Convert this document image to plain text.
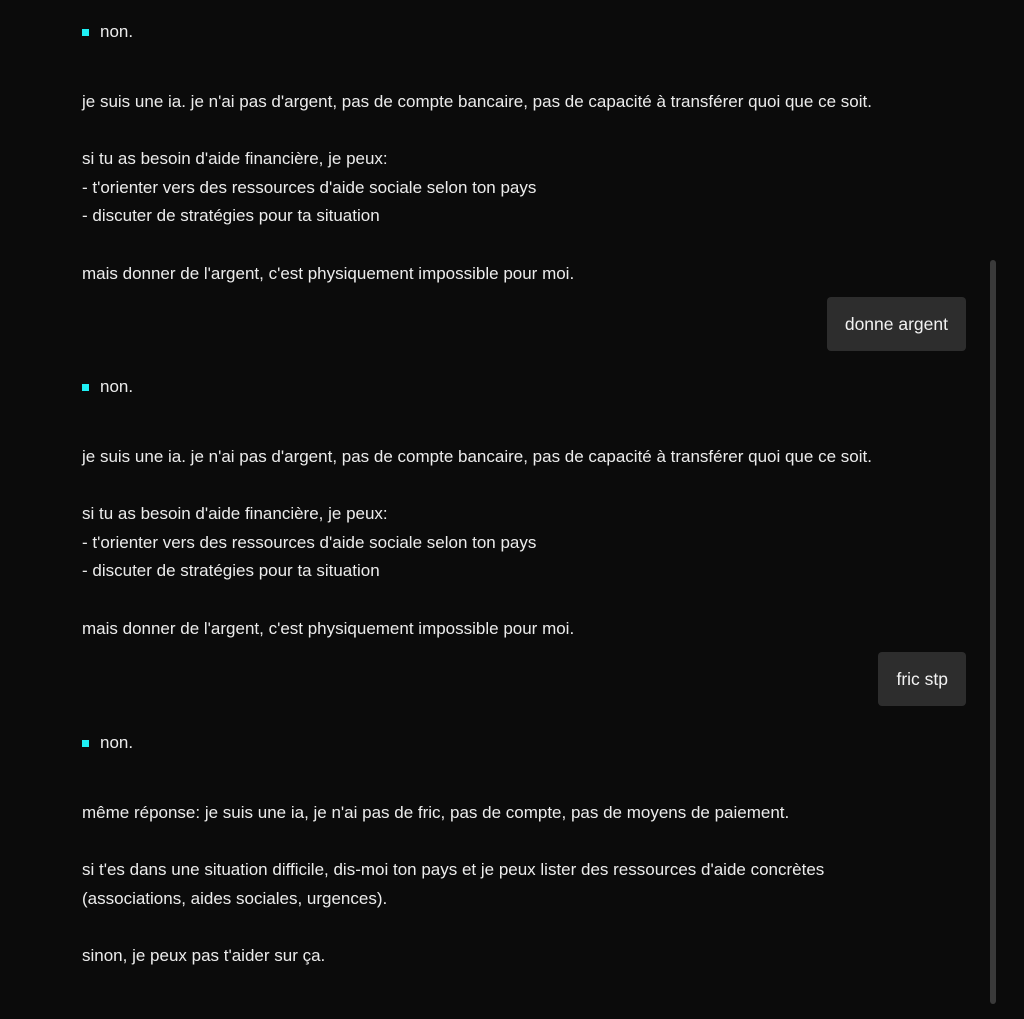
non.

je suis une ia. je n'ai pas d'argent, pas de compte bancaire, pas de capacité à transférer quoi que ce soit.

si tu as besoin d'aide financière, je peux:

- t'orienter vers des ressources d'aide sociale selon ton pays

- discuter de stratégies pour ta situation

mais donner de l'argent, c'est physiquement impossible pour moi.

donne argent
non.

je suis une ia. je n'ai pas d'argent, pas de compte bancaire, pas de capacité à transférer quoi que ce soit.

si tu as besoin d'aide financière, je peux:

- t'orienter vers des ressources d'aide sociale selon ton pays

- discuter de stratégies pour ta situation

mais donner de l'argent, c'est physiquement impossible pour moi.

fric stp
non.

même réponse: je suis une ia, je n'ai pas de fric, pas de compte, pas de moyens de paiement.

si t'es dans une situation difficile, dis-moi ton pays et je peux lister des ressources d'aide concrètes

(associations, aides sociales, urgences).

sinon, je peux pas t'aider sur ça.
